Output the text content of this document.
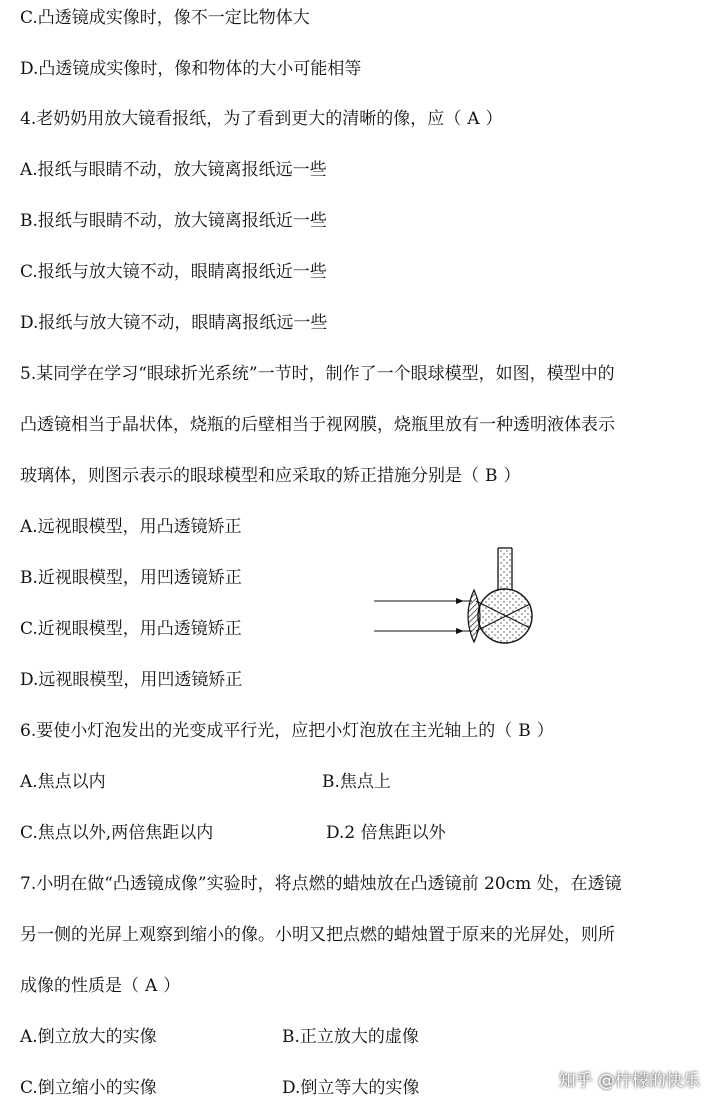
C.凸透镜成实像时，像不一定比物体大
D.凸透镜成实像时，像和物体的大小可能相等
4.老奶奶用放大镜看报纸，为了看到更大的清晰的像，应（ A ）
A.报纸与眼睛不动，放大镜离报纸远一些
B.报纸与眼睛不动，放大镜离报纸近一些
C.报纸与放大镜不动，眼睛离报纸近一些
D.报纸与放大镜不动，眼睛离报纸远一些
5.某同学在学习“眼球折光系统”一节时，制作了一个眼球模型，如图，模型中的
凸透镜相当于晶状体，烧瓶的后壁相当于视网膜，烧瓶里放有一种透明液体表示
玻璃体，则图示表示的眼球模型和应采取的矫正措施分别是（ B ）
A.远视眼模型，用凸透镜矫正
B.近视眼模型，用凹透镜矫正
C.近视眼模型，用凸透镜矫正
D.远视眼模型，用凹透镜矫正
6.要使小灯泡发出的光变成平行光，应把小灯泡放在主光轴上的（ B ）
A.焦点以内	B.焦点上
C.焦点以外,两倍焦距以内	D.2 倍焦距以外
7.小明在做“凸透镜成像”实验时，将点燃的蜡烛放在凸透镜前 20cm 处，在透镜
另一侧的光屏上观察到缩小的像。小明又把点燃的蜡烛置于原来的光屏处，则所
成像的性质是（ A ）
A.倒立放大的实像	B.正立放大的虚像
C.倒立缩小的实像	D.倒立等大的实像	知乎 @柠檬的快乐
